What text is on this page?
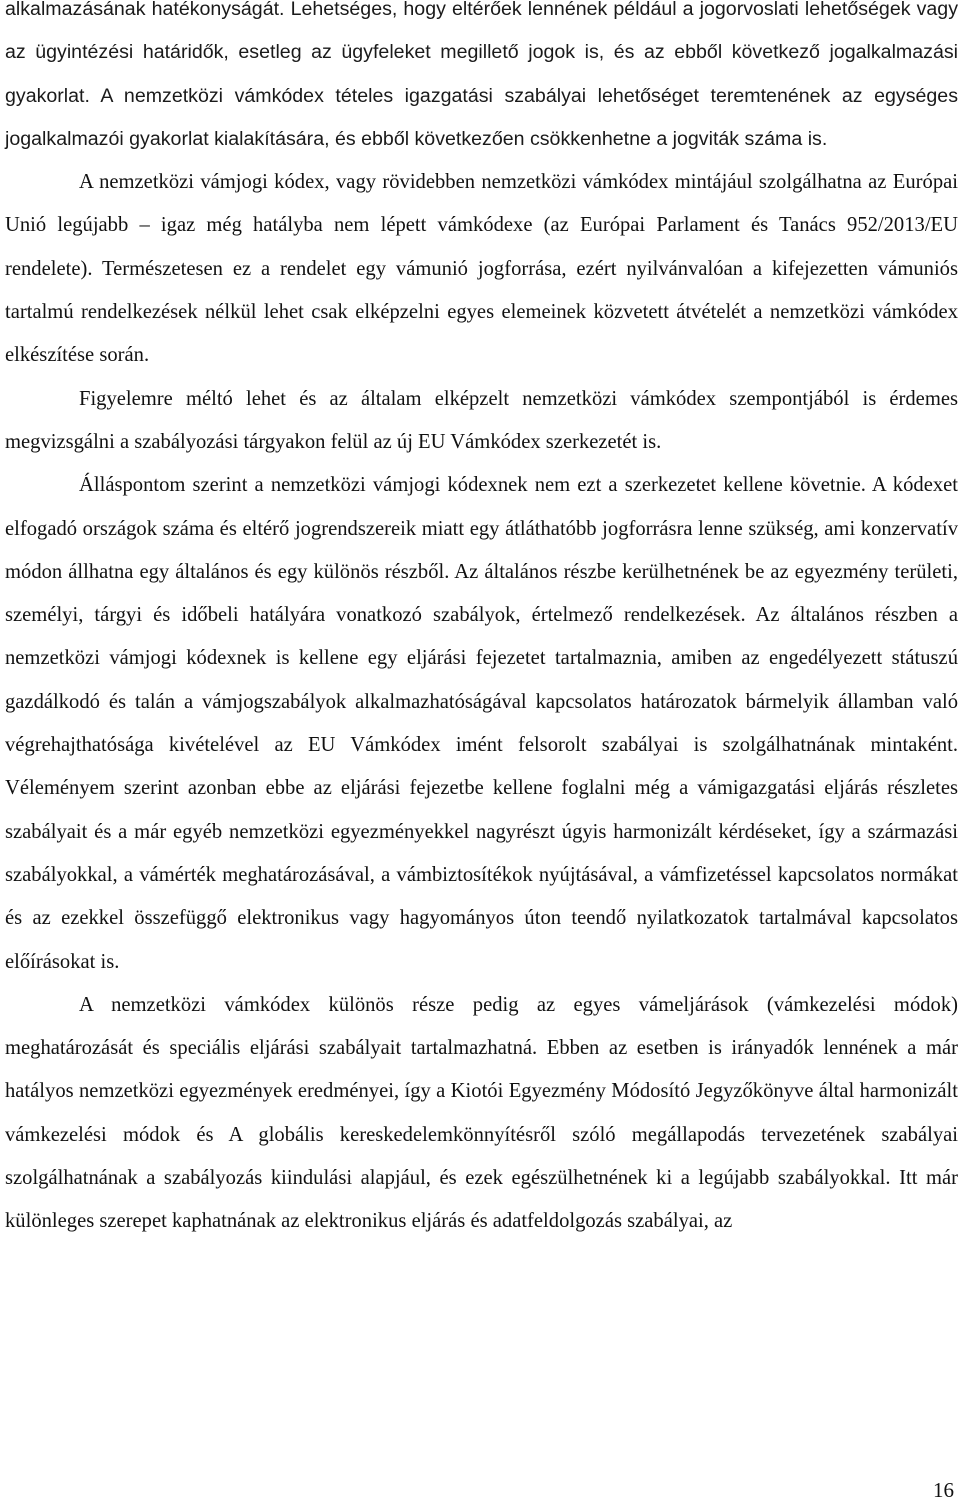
alkalmazásának hatékonyságát. Lehetséges, hogy eltérőek lennének például a jogorvoslati lehetőségek vagy az ügyintézési határidők, esetleg az ügyfeleket megillető jogok is, és az ebből következő jogalkalmazási gyakorlat. A nemzetközi vámkódex tételes igazgatási szabályai lehetőséget teremtenének az egységes jogalkalmazói gyakorlat kialakítására, és ebből következően csökkenhetne a jogviták száma is.

A nemzetközi vámjogi kódex, vagy rövidebben nemzetközi vámkódex mintájául szolgálhatna az Európai Unió legújabb – igaz még hatályba nem lépett vámkódexe (az Európai Parlament és Tanács 952/2013/EU rendelete). Természetesen ez a rendelet egy vámunió jogforrása, ezért nyilvánvalóan a kifejezetten vámuniós tartalmú rendelkezések nélkül lehet csak elképzelni egyes elemeinek közvetett átvételét a nemzetközi vámkódex elkészítése során.

Figyelemre méltó lehet és az általam elképzelt nemzetközi vámkódex szempontjából is érdemes megvizsgálni a szabályozási tárgyakon felül az új EU Vámkódex szerkezetét is.

Álláspontom szerint a nemzetközi vámjogi kódexnek nem ezt a szerkezetet kellene követnie. A kódexet elfogadó országok száma és eltérő jogrendszereik miatt egy átláthatóbb jogforrásra lenne szükség, ami konzervatív módon állhatna egy általános és egy különös részből. Az általános részbe kerülhetnének be az egyezmény területi, személyi, tárgyi és időbeli hatályára vonatkozó szabályok, értelmező rendelkezések. Az általános részben a nemzetközi vámjogi kódexnek is kellene egy eljárási fejezetet tartalmaznia, amiben az engedélyezett státuszú gazdálkodó és talán a vámjogszabályok alkalmazhatóságával kapcsolatos határozatok bármelyik államban való végrehajthatósága kivételével az EU Vámkódex imént felsorolt szabályai is szolgálhatnának mintaként. Véleményem szerint azonban ebbe az eljárási fejezetbe kellene foglalni még a vámigazgatási eljárás részletes szabályait és a már egyéb nemzetközi egyezményekkel nagyrészt úgyis harmonizált kérdéseket, így a származási szabályokkal, a vámérték meghatározásával, a vámbiztosítékok nyújtásával, a vámfizetéssel kapcsolatos normákat és az ezekkel összefüggő elektronikus vagy hagyományos úton teendő nyilatkozatok tartalmával kapcsolatos előírásokat is.

A nemzetközi vámkódex különös része pedig az egyes vámeljárások (vámkezelési módok) meghatározását és speciális eljárási szabályait tartalmazhatná. Ebben az esetben is irányadók lennének a már hatályos nemzetközi egyezmények eredményei, így a Kiotói Egyezmény Módosító Jegyzőkönyve által harmonizált vámkezelési módok és A globális kereskedelemkönnyítésről szóló megállapodás tervezetének szabályai szolgálhatnának a szabályozás kiindulási alapjául, és ezek egészülhetnének ki a legújabb szabályokkal. Itt már különleges szerepet kaphatnának az elektronikus eljárás és adatfeldolgozás szabályai, az

16
